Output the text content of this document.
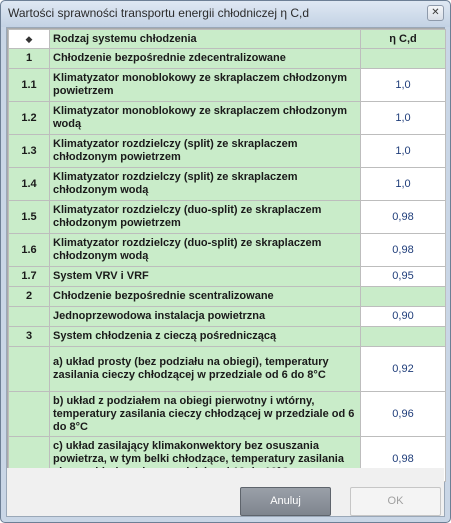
Wartości sprawności transportu energii chłodniczej η C,d	✕
◆	Rodzaj systemu chłodzenia	η C,d
1	Chłodzenie bezpośrednie zdecentralizowane	
1.1	Klimatyzator monoblokowy ze skraplaczem chłodzonym powietrzem	1,0
1.2	Klimatyzator monoblokowy ze skraplaczem chłodzonym wodą	1,0
1.3	Klimatyzator rozdzielczy (split) ze skraplaczem chłodzonym powietrzem	1,0
1.4	Klimatyzator rozdzielczy (split) ze skraplaczem chłodzonym wodą	1,0
1.5	Klimatyzator rozdzielczy (duo-split) ze skraplaczem chłodzonym powietrzem	0,98
1.6	Klimatyzator rozdzielczy (duo-split) ze skraplaczem chłodzonym wodą	0,98
1.7	System VRV i VRF	0,95
2	Chłodzenie bezpośrednie scentralizowane	
	Jednoprzewodowa instalacja powietrzna	0,90
3	System chłodzenia z cieczą pośredniczącą	
	a) układ prosty (bez podziału na obiegi), temperatury zasilania cieczy chłodzącej w przedziale od 6 do 8°C	0,92
	b) układ z podziałem na obiegi pierwotny i wtórny, temperatury zasilania cieczy chłodzącej w przedziale od 6 do 8°C	0,96
	c) układ zasilający klimakonwektory bez osuszania powietrza, w tym belki chłodzące, temperatury zasilania	0,98
Anuluj	OK
